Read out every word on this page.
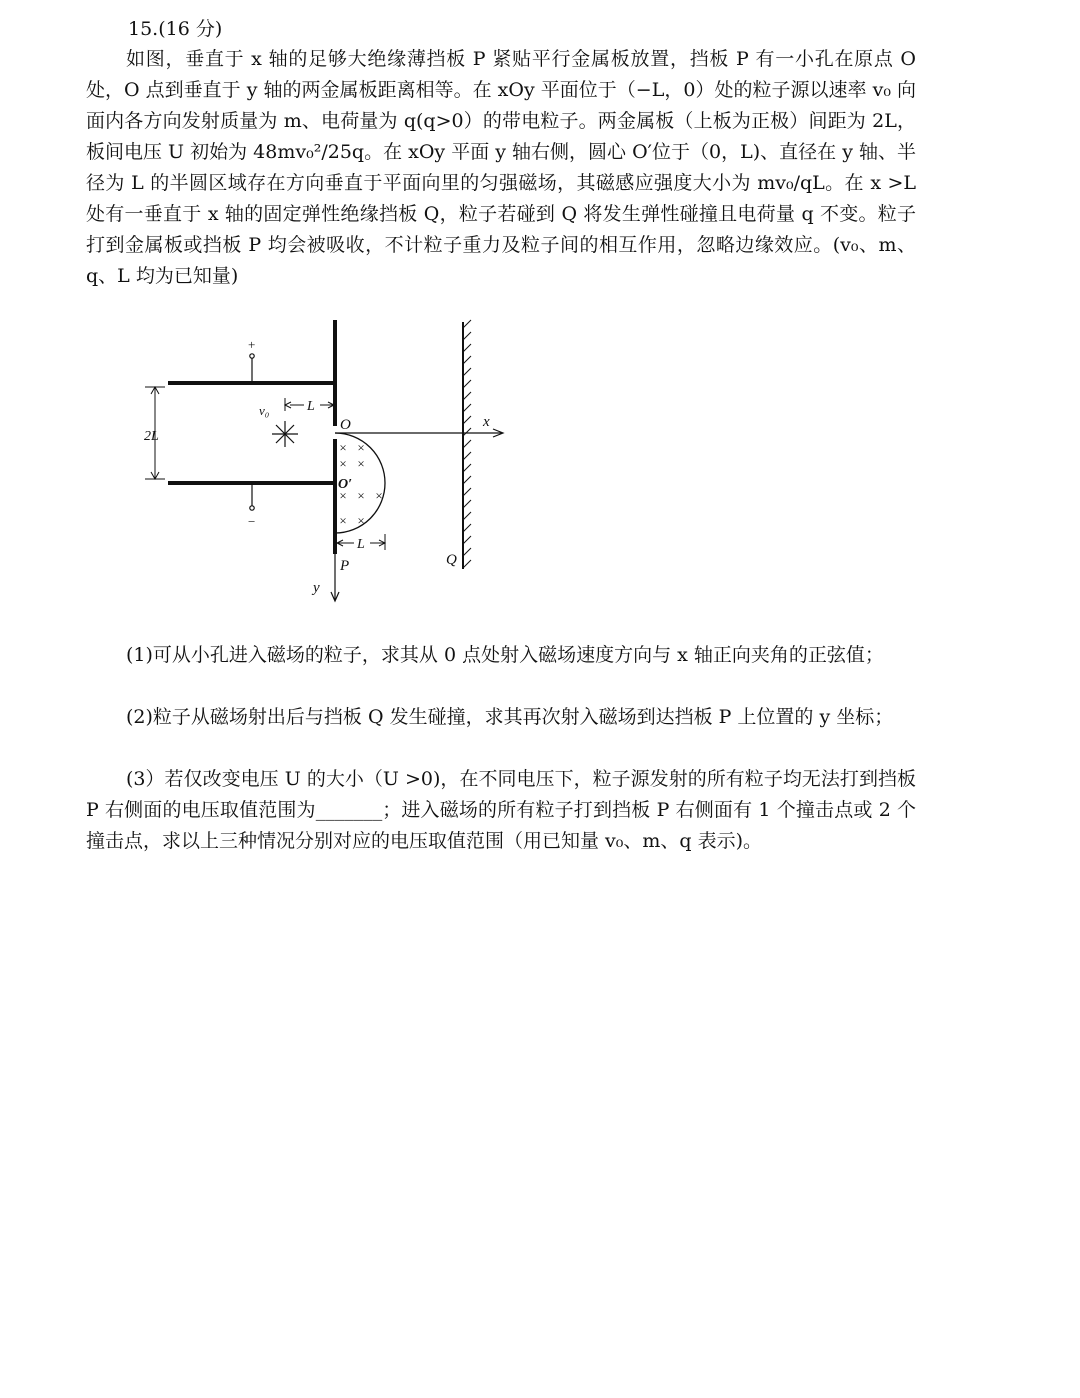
15.(16 分)

如图，垂直于 x 轴的足够大绝缘薄挡板 P 紧贴平行金属板放置，挡板 P 有一小孔在原点 O 处，O 点到垂直于 y 轴的两金属板距离相等。在 xOy 平面位于（−L，0）处的粒子源以速率 v₀ 向面内各方向发射质量为 m、电荷量为 q(q>0）的带电粒子。两金属板（上板为正极）间距为 2L，板间电压 U 初始为 48mv₀²/25q。在 xOy 平面 y 轴右侧，圆心 O′位于（0，L)、直径在 y 轴、半径为 L 的半圆区域存在方向垂直于平面向里的匀强磁场，其磁感应强度大小为 mv₀/qL。在 x >L 处有一垂直于 x 轴的固定弹性绝缘挡板 Q，粒子若碰到 Q 将发生弹性碰撞且电荷量 q 不变。粒子打到金属板或挡板 P 均会被吸收，不计粒子重力及粒子间的相互作用，忽略边缘效应。(v₀、m、q、L 均为已知量)

× ×
× ×
× × ×
× ×
+
−
2L
v₀	L
O
O′
x
L
P	Q
y

(1)可从小孔进入磁场的粒子，求其从 0 点处射入磁场速度方向与 x 轴正向夹角的正弦值；

(2)粒子从磁场射出后与挡板 Q 发生碰撞，求其再次射入磁场到达挡板 P 上位置的 y 坐标；

(3）若仅改变电压 U 的大小（U >0)，在不同电压下，粒子源发射的所有粒子均无法打到挡板 P 右侧面的电压取值范围为_______；进入磁场的所有粒子打到挡板 P 右侧面有 1 个撞击点或 2 个撞击点，求以上三种情况分别对应的电压取值范围（用已知量 v₀、m、q 表示)。
